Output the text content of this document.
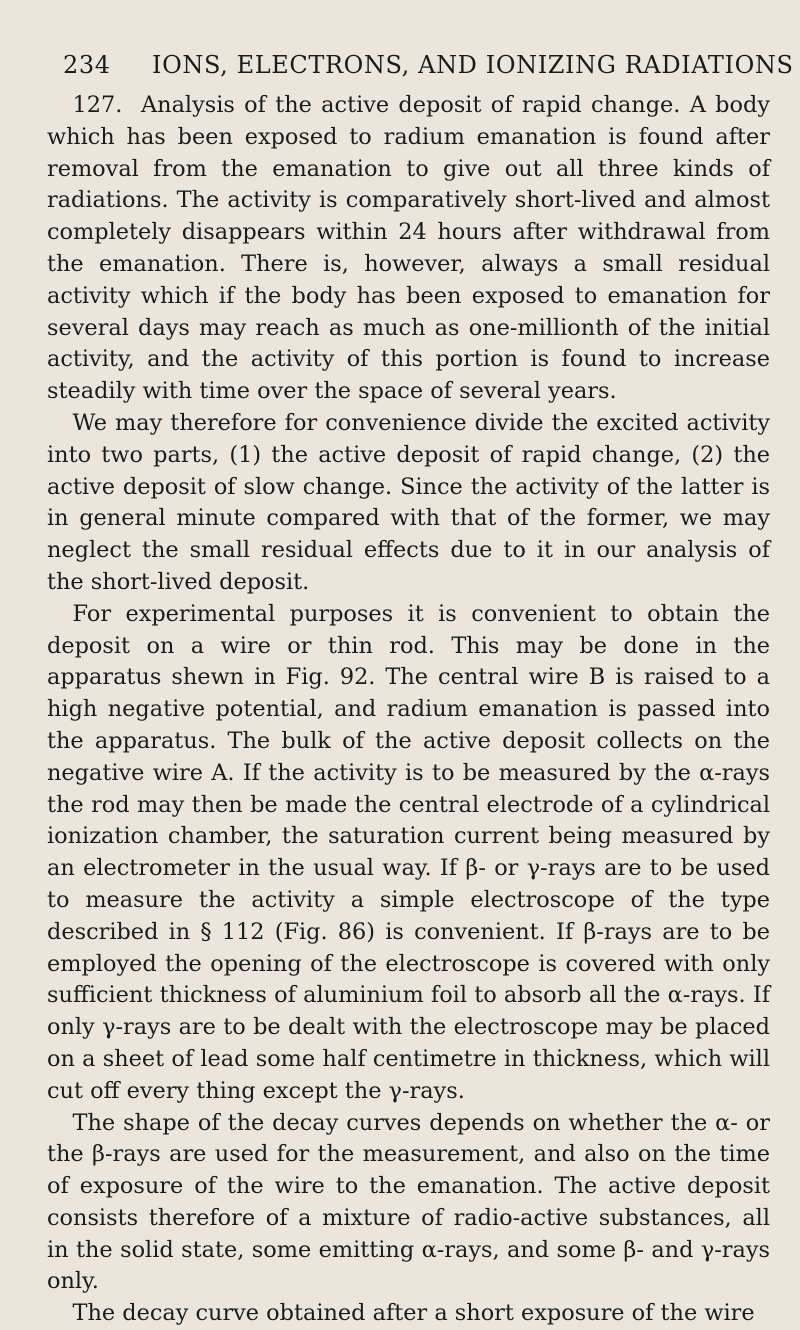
234 IONS, ELECTRONS, AND IONIZING RADIATIONS

127. Analysis of the active deposit of rapid change. A body which has been exposed to radium emanation is found after removal from the emanation to give out all three kinds of radiations. The activity is comparatively short-lived and almost completely disappears within 24 hours after withdrawal from the emanation. There is, however, always a small residual activity which if the body has been exposed to emanation for several days may reach as much as one-millionth of the initial activity, and the activity of this portion is found to increase steadily with time over the space of several years.

We may therefore for convenience divide the excited activity into two parts, (1) the active deposit of rapid change, (2) the active deposit of slow change. Since the activity of the latter is in general minute compared with that of the former, we may neglect the small residual effects due to it in our analysis of the short-lived deposit.

For experimental purposes it is convenient to obtain the deposit on a wire or thin rod. This may be done in the apparatus shewn in Fig. 92. The central wire B is raised to a high negative potential, and radium emanation is passed into the apparatus. The bulk of the active deposit collects on the negative wire A. If the activity is to be measured by the α-rays the rod may then be made the central electrode of a cylindrical ionization chamber, the saturation current being measured by an electrometer in the usual way. If β- or γ-rays are to be used to measure the activity a simple electroscope of the type described in § 112 (Fig. 86) is convenient. If β-rays are to be employed the opening of the electroscope is covered with only sufficient thickness of aluminium foil to absorb all the α-rays. If only γ-rays are to be dealt with the electroscope may be placed on a sheet of lead some half centimetre in thickness, which will cut off every thing except the γ-rays.

The shape of the decay curves depends on whether the α- or the β-rays are used for the measurement, and also on the time of exposure of the wire to the emanation. The active deposit consists therefore of a mixture of radio-active substances, all in the solid state, some emitting α-rays, and some β- and γ-rays only.

The decay curve obtained after a short exposure of the wire
